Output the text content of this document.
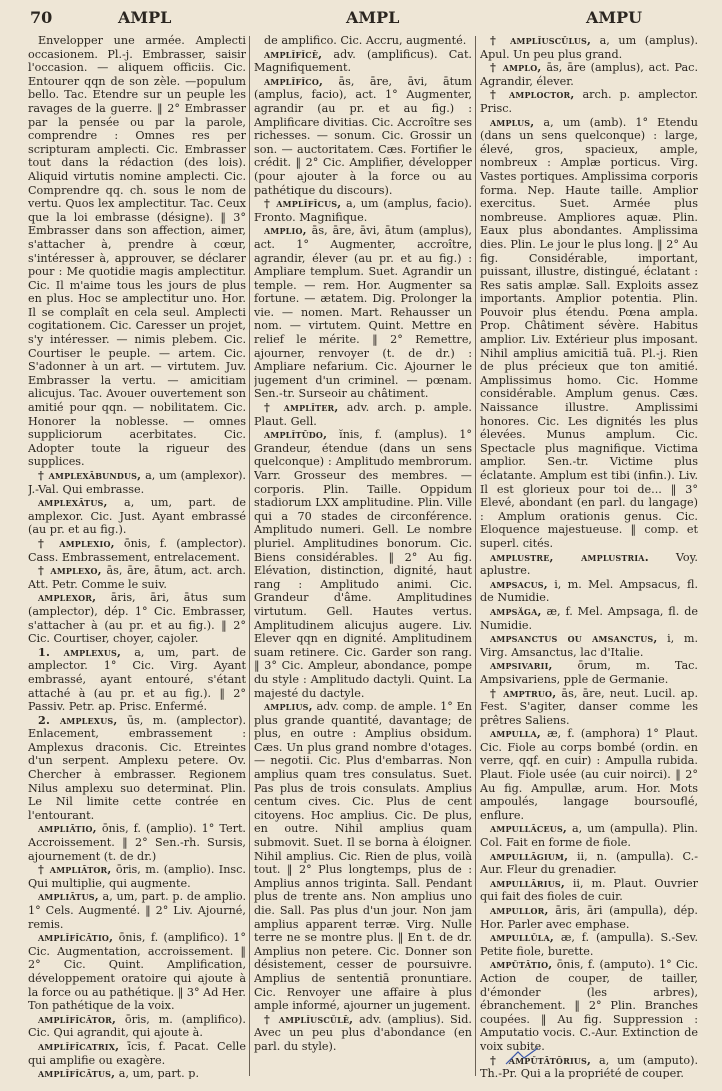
70	AMPL	AMPL	AMPU

Envelopper une armée. Amplecti occasionem. Pl.-j. Embrasser, saisir l'occasion. — aliquem officiis. Cic. Entourer qqn de son zèle. —populum bello. Tac. Etendre sur un peuple les ravages de la guerre. ‖ 2° Embrasser par la pensée ou par la parole, comprendre : Omnes res per scripturam amplecti. Cic. Embrasser tout dans la rédaction (des lois). Aliquid virtutis nomine amplecti. Cic. Comprendre qq. ch. sous le nom de vertu. Quos lex amplectitur. Tac. Ceux que la loi embrasse (désigne). ‖ 3° Embrasser dans son affection, aimer, s'attacher à, prendre à cœur, s'intéresser à, approuver, se déclarer pour : Me quotidie magis amplectitur. Cic. Il m'aime tous les jours de plus en plus. Hoc se amplectitur uno. Hor. Il se complaît en cela seul. Amplecti cogitationem. Cic. Caresser un projet, s'y intéresser. — nimis plebem. Cic. Courtiser le peuple. — artem. Cic. S'adonner à un art. — virtutem. Juv. Embrasser la vertu. — amicitiam alicujus. Tac. Avouer ouvertement son amitié pour qqn. — nobilitatem. Cic. Honorer la noblesse. — omnes suppliciorum acerbitates. Cic. Adopter toute la rigueur des supplices.

† amplexābundus, a, um (amplexor). J.-Val. Qui embrasse.

amplexātus, a, um, part. de amplexor. Cic. Just. Ayant embrassé (au pr. et au fig.).

† amplexio, ōnis, f. (amplector). Cass. Embrassement, entrelacement.

† amplexo, ās, āre, ātum, act. arch. Att. Petr. Comme le suiv.

amplexor, āris, āri, ātus sum (amplector), dép. 1° Cic. Embrasser, s'attacher à (au pr. et au fig.). ‖ 2° Cic. Courtiser, choyer, cajoler.

1. amplexus, a, um, part. de amplector. 1° Cic. Virg. Ayant embrassé, ayant entouré, s'étant attaché à (au pr. et au fig.). ‖ 2° Passiv. Petr. ap. Prisc. Enfermé.

2. amplexus, ūs, m. (amplector). Enlacement, embrassement : Amplexus draconis. Cic. Etreintes d'un serpent. Amplexu petere. Ov. Chercher à embrasser. Regionem Nilus amplexu suo determinat. Plin. Le Nil limite cette contrée en l'entourant.

ampliātio, ōnis, f. (amplio). 1° Tert. Accroissement. ‖ 2° Sen.-rh. Sursis, ajournement (t. de dr.)

† ampliātor, ōris, m. (amplio). Insc. Qui multiplie, qui augmente.

ampliātus, a, um, part. p. de amplio. 1° Cels. Augmenté. ‖ 2° Liv. Ajourné, remis.

amplĭfĭcātio, ōnis, f. (amplifico). 1° Cic. Augmentation, accroissement. ‖ 2° Cic. Quint. Amplification, développement oratoire qui ajoute à la force ou au pathétique. ‖ 3° Ad Her. Ton pathétique de la voix.

amplĭfĭcātor, ōris, m. (amplifico). Cic. Qui agrandit, qui ajoute à.

amplĭfĭcatrix, īcis, f. Pacat. Celle qui amplifie ou exagère.

amplĭfĭcātus, a, um, part. p.

de amplifico. Cic. Accru, augmenté.

amplĭfĭcē, adv. (amplificus). Cat. Magnifiquement.

amplĭfĭco, ās, āre, āvi, ātum (amplus, facio), act. 1° Augmenter, agrandir (au pr. et au fig.) : Amplificare divitias. Cic. Accroître ses richesses. — sonum. Cic. Grossir un son. — auctoritatem. Cæs. Fortifier le crédit. ‖ 2° Cic. Amplifier, développer (pour ajouter à la force ou au pathétique du discours).

† amplĭfĭcus, a, um (amplus, facio). Fronto. Magnifique.

amplio, ās, āre, āvi, ātum (amplus), act. 1° Augmenter, accroître, agrandir, élever (au pr. et au fig.) : Ampliare templum. Suet. Agrandir un temple. — rem. Hor. Augmenter sa fortune. — ætatem. Dig. Prolonger la vie. — nomen. Mart. Rehausser un nom. — virtutem. Quint. Mettre en relief le mérite. ‖ 2° Remettre, ajourner, renvoyer (t. de dr.) : Ampliare nefarium. Cic. Ajourner le jugement d'un criminel. — pœnam. Sen.-tr. Surseoir au châtiment.

† amplĭter, adv. arch. p. ample. Plaut. Gell.

amplĭtūdo, ĭnis, f. (amplus). 1° Grandeur, étendue (dans un sens quelconque) : Amplitudo membrorum. Varr. Grosseur des membres. — corporis. Plin. Taille. Oppidum stadiorum LXX amplitudine. Plin. Ville qui a 70 stades de circonférence. Amplitudo numeri. Gell. Le nombre pluriel. Amplitudines bonorum. Cic. Biens considérables. ‖ 2° Au fig. Elévation, distinction, dignité, haut rang : Amplitudo animi. Cic. Grandeur d'âme. Amplitudines virtutum. Gell. Hautes vertus. Amplitudinem alicujus augere. Liv. Elever qqn en dignité. Amplitudinem suam retinere. Cic. Garder son rang. ‖ 3° Cic. Ampleur, abondance, pompe du style : Amplitudo dactyli. Quint. La majesté du dactyle.

amplius, adv. comp. de ample. 1° En plus grande quantité, davantage; de plus, en outre : Amplius obsidum. Cæs. Un plus grand nombre d'otages. — negotii. Cic. Plus d'embarras. Non amplius quam tres consulatus. Suet. Pas plus de trois consulats. Amplius centum cives. Cic. Plus de cent citoyens. Hoc amplius. Cic. De plus, en outre. Nihil amplius quam submovit. Suet. Il se borna à éloigner. Nihil amplius. Cic. Rien de plus, voilà tout. ‖ 2° Plus longtemps, plus de : Amplius annos triginta. Sall. Pendant plus de trente ans. Non amplius uno die. Sall. Pas plus d'un jour. Non jam amplius apparent terræ. Virg. Nulle terre ne se montre plus. ‖ En t. de dr. Amplius non petere. Cic. Donner son désistement, cesser de poursuivre. Amplius de sententiā pronuntiare. Cic. Renvoyer une affaire à plus ample informé, ajourner un jugement.

† amplĭuscŭlē, adv. (amplius). Sid. Avec un peu plus d'abondance (en parl. du style).

† amplĭuscŭlus, a, um (amplus). Apul. Un peu plus grand.

† amplo, ās, āre (amplus), act. Pac. Agrandir, élever.

† amploctor, arch. p. amplector. Prisc.

amplus, a, um (amb). 1° Etendu (dans un sens quelconque) : large, élevé, gros, spacieux, ample, nombreux : Amplæ porticus. Virg. Vastes portiques. Amplissima corporis forma. Nep. Haute taille. Amplior exercitus. Suet. Armée plus nombreuse. Ampliores aquæ. Plin. Eaux plus abondantes. Amplissima dies. Plin. Le jour le plus long. ‖ 2° Au fig. Considérable, important, puissant, illustre, distingué, éclatant : Res satis amplæ. Sall. Exploits assez importants. Amplior potentia. Plin. Pouvoir plus étendu. Pœna ampla. Prop. Châtiment sévère. Habitus amplior. Liv. Extérieur plus imposant. Nihil amplius amicitiā tuā. Pl.-j. Rien de plus précieux que ton amitié. Amplissimus homo. Cic. Homme considérable. Amplum genus. Cæs. Naissance illustre. Amplissimi honores. Cic. Les dignités les plus élevées. Munus amplum. Cic. Spectacle plus magnifique. Victima amplior. Sen.-tr. Victime plus éclatante. Amplum est tibi (infin.). Liv. Il est glorieux pour toi de... ‖ 3° Elevé, abondant (en parl. du langage) : Amplum orationis genus. Cic. Eloquence majestueuse. ‖ comp. et superl. cités.

amplustre, amplustria. Voy. aplustre.

ampsacus, i, m. Mel. Ampsacus, fl. de Numidie.

ampsăga, æ, f. Mel. Ampsaga, fl. de Numidie.

ampsanctus ou amsanctus, i, m. Virg. Amsanctus, lac d'Italie.

ampsivarii, ōrum, m. Tac. Ampsivariens, pple de Germanie.

† amptruo, ās, āre, neut. Lucil. ap. Fest. S'agiter, danser comme les prêtres Saliens.

ampulla, æ, f. (amphora) 1° Plaut. Cic. Fiole au corps bombé (ordin. en verre, qqf. en cuir) : Ampulla rubida. Plaut. Fiole usée (au cuir noirci). ‖ 2° Au fig. Ampullæ, arum. Hor. Mots ampoulés, langage boursouflé, enflure.

ampullāceus, a, um (ampulla). Plin. Col. Fait en forme de fiole.

ampullāgium, ii, n. (ampulla). C.-Aur. Fleur du grenadier.

ampullārius, ii, m. Plaut. Ouvrier qui fait des fioles de cuir.

ampullor, āris, āri (ampulla), dép. Hor. Parler avec emphase.

ampullŭla, æ, f. (ampulla). S.-Sev. Petite fiole, burette.

ampŭtātio, ōnis, f. (amputo). 1° Cic. Action de couper, de tailler, d'émonder (les arbres), ébranchement. ‖ 2° Plin. Branches coupées. ‖ Au fig. Suppression : Amputatio vocis. C.-Aur. Extinction de voix subite.

† ampŭtātōrius, a, um (amputo). Th.-Pr. Qui a la propriété de couper.
